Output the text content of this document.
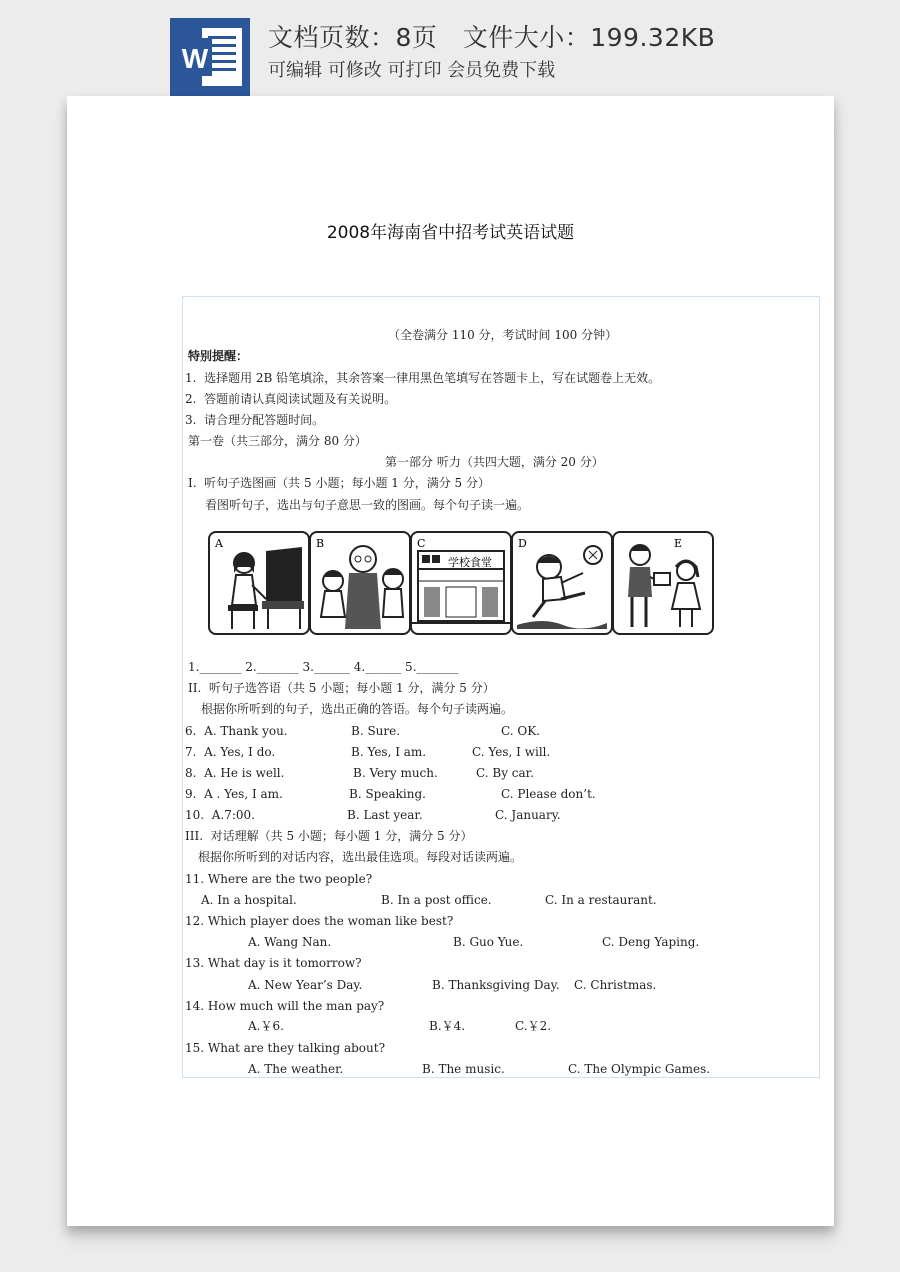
W
文档页数：8页   文件大小：199.32KB
可编辑 可修改 可打印 会员免费下载
2008年海南省中招考试英语试题
（全卷满分 110 分，考试时间 100 分钟）
特别提醒：
1.  选择题用 2B 铅笔填涂，其余答案一律用黑色笔填写在答题卡上，写在试题卷上无效。
2.  答题前请认真阅读试题及有关说明。
3.  请合理分配答题时间。
第一卷（共三部分，满分 80 分）
第一部分 听力（共四大题，满分 20 分）
I.  听句子选图画（共 5 小题；每小题 1 分，满分 5 分）
看图听句子，选出与句子意思一致的图画。每个句子读一遍。
A	B	C
学校食堂
D	E
1._______ 2._______ 3.______ 4.______ 5._______
II.  听句子选答语（共 5 小题；每小题 1 分，满分 5 分）
根据你所听到的句子，选出正确的答语。每个句子读两遍。
6.  A. Thank you.	B. Sure.	C. OK.
7.  A. Yes, I do.	B. Yes, I am.	C. Yes, I will.
8.  A. He is well.	B. Very much.	C. By car.
9.  A . Yes, I am.	B. Speaking.	C. Please don’t.
10.  A.7:00.	B. Last year.	C. January.
III.  对话理解（共 5 小题；每小题 1 分，满分 5 分）
根据你所听到的对话内容，选出最佳选项。每段对话读两遍。
11. Where are the two people?
A. In a hospital.	B. In a post office.	C. In a restaurant.
12. Which player does the woman like best?
A. Wang Nan.	B. Guo Yue.	C. Deng Yaping.
13. What day is it tomorrow?
A. New Year’s Day.	B. Thanksgiving Day. C. Christmas.
14. How much will the man pay?
A.￥6.	B.￥4.	C.￥2.
15. What are they talking about?
A. The weather.	B. The music.	C. The Olympic Games.
